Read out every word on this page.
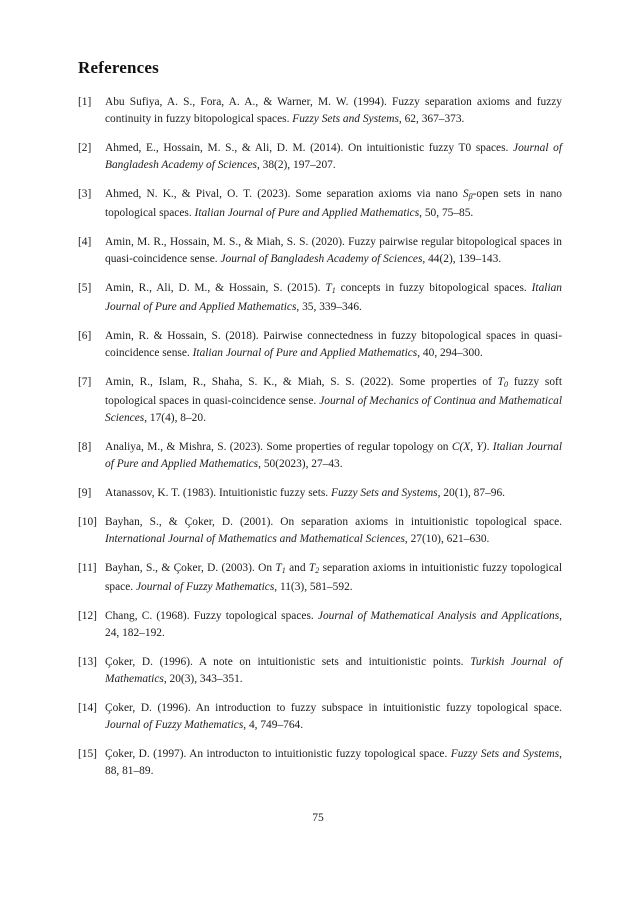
References
[1]	Abu Sufiya, A. S., Fora, A. A., & Warner, M. W. (1994). Fuzzy separation axioms and fuzzy continuity in fuzzy bitopological spaces. Fuzzy Sets and Systems, 62, 367–373.
[2]	Ahmed, E., Hossain, M. S., & Ali, D. M. (2014). On intuitionistic fuzzy T0 spaces. Journal of Bangladesh Academy of Sciences, 38(2), 197–207.
[3]	Ahmed, N. K., & Pival, O. T. (2023). Some separation axioms via nano Sβ-open sets in nano topological spaces. Italian Journal of Pure and Applied Mathematics, 50, 75–85.
[4]	Amin, M. R., Hossain, M. S., & Miah, S. S. (2020). Fuzzy pairwise regular bitopological spaces in quasi-coincidence sense. Journal of Bangladesh Academy of Sciences, 44(2), 139–143.
[5]	Amin, R., Ali, D. M., & Hossain, S. (2015). T1 concepts in fuzzy bitopological spaces. Italian Journal of Pure and Applied Mathematics, 35, 339–346.
[6]	Amin, R. & Hossain, S. (2018). Pairwise connectedness in fuzzy bitopological spaces in quasi-coincidence sense. Italian Journal of Pure and Applied Mathematics, 40, 294–300.
[7]	Amin, R., Islam, R., Shaha, S. K., & Miah, S. S. (2022). Some properties of T0 fuzzy soft topological spaces in quasi-coincidence sense. Journal of Mechanics of Continua and Mathematical Sciences, 17(4), 8–20.
[8]	Analiya, M., & Mishra, S. (2023). Some properties of regular topology on C(X, Y). Italian Journal of Pure and Applied Mathematics, 50(2023), 27–43.
[9]	Atanassov, K. T. (1983). Intuitionistic fuzzy sets. Fuzzy Sets and Systems, 20(1), 87–96.
[10] Bayhan, S., & Çoker, D. (2001). On separation axioms in intuitionistic topological space. International Journal of Mathematics and Mathematical Sciences, 27(10), 621–630.
[11] Bayhan, S., & Çoker, D. (2003). On T1 and T2 separation axioms in intuitionistic fuzzy topological space. Journal of Fuzzy Mathematics, 11(3), 581–592.
[12] Chang, C. (1968). Fuzzy topological spaces. Journal of Mathematical Analysis and Applications, 24, 182–192.
[13] Çoker, D. (1996). A note on intuitionistic sets and intuitionistic points. Turkish Journal of Mathematics, 20(3), 343–351.
[14] Çoker, D. (1996). An introduction to fuzzy subspace in intuitionistic fuzzy topological space. Journal of Fuzzy Mathematics, 4, 749–764.
[15] Çoker, D. (1997). An introducton to intuitionistic fuzzy topological space. Fuzzy Sets and Systems, 88, 81–89.
75
